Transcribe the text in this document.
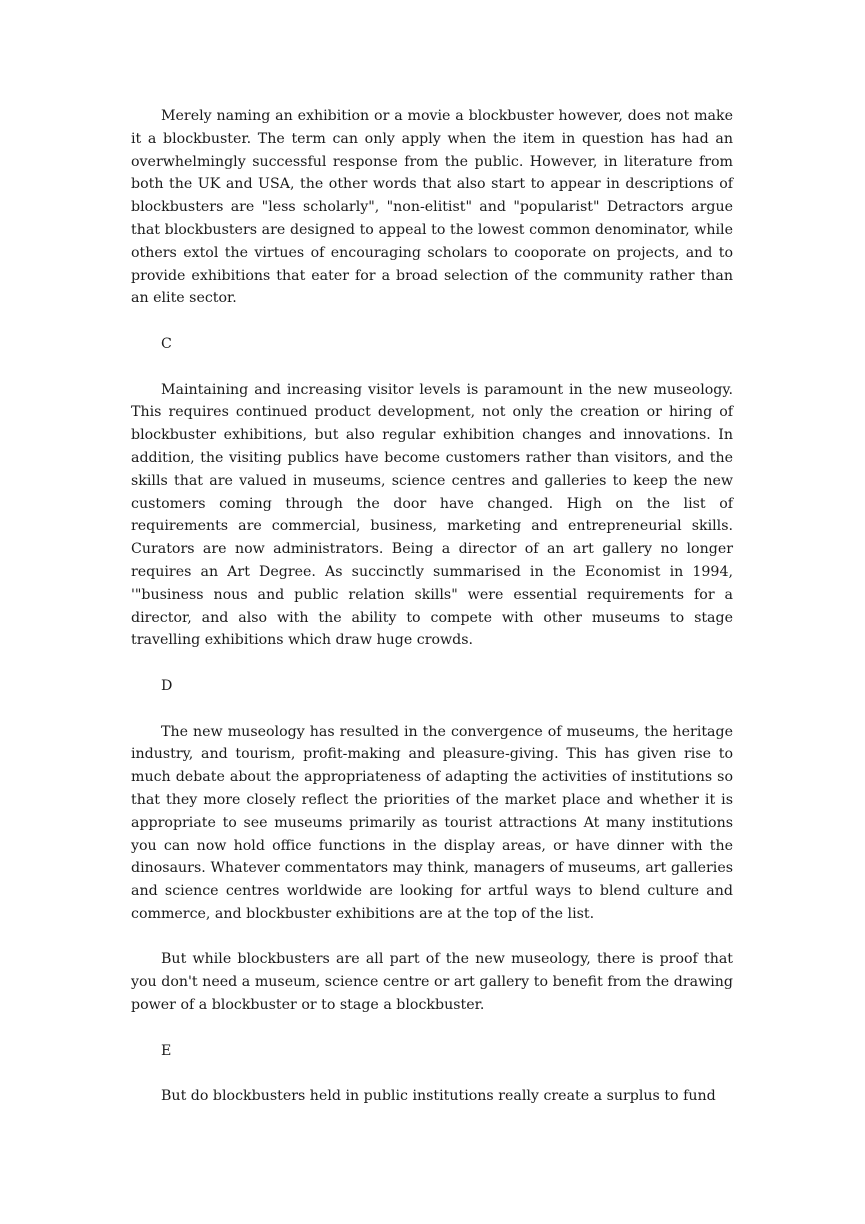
Merely naming an exhibition or a movie a blockbuster however, does not make it a blockbuster. The term can only apply when the item in question has had an overwhelmingly successful response from the public. However, in literature from both the UK and USA, the other words that also start to appear in descriptions of blockbusters are "less scholarly", "non-elitist" and "popularist" Detractors argue that blockbusters are designed to appeal to the lowest common denominator, while others extol the virtues of encouraging scholars to cooporate on projects, and to provide exhibitions that eater for a broad selection of the community rather than an elite sector.

C

Maintaining and increasing visitor levels is paramount in the new museology. This requires continued product development, not only the creation or hiring of blockbuster exhibitions, but also regular exhibition changes and innovations. In addition, the visiting publics have become customers rather than visitors, and the skills that are valued in museums, science centres and galleries to keep the new customers coming through the door have changed. High on the list of requirements are commercial, business, marketing and entrepreneurial skills. Curators are now administrators. Being a director of an art gallery no longer requires an Art Degree. As succinctly summarised in the Economist in 1994, '"business nous and public relation skills" were essential requirements for a director, and also with the ability to compete with other museums to stage travelling exhibitions which draw huge crowds.

D

The new museology has resulted in the convergence of museums, the heritage industry, and tourism, profit-making and pleasure-giving. This has given rise to much debate about the appropriateness of adapting the activities of institutions so that they more closely reflect the priorities of the market place and whether it is appropriate to see museums primarily as tourist attractions At many institutions you can now hold office functions in the display areas, or have dinner with the dinosaurs. Whatever commentators may think, managers of museums, art galleries and science centres worldwide are looking for artful ways to blend culture and commerce, and blockbuster exhibitions are at the top of the list.

But while blockbusters are all part of the new museology, there is proof that you don't need a museum, science centre or art gallery to benefit from the drawing power of a blockbuster or to stage a blockbuster.

E

But do blockbusters held in public institutions really create a surplus to fund
